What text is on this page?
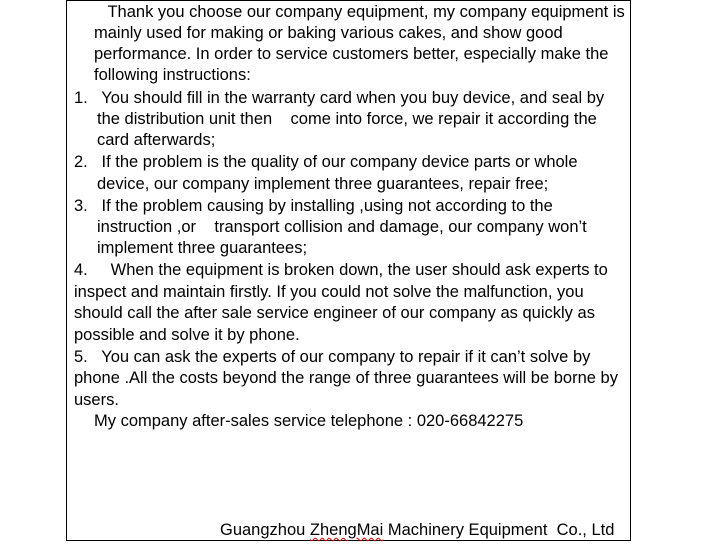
Thank you choose our company equipment, my company equipment is
mainly used for making or baking various cakes, and show good
performance. In order to service customers better, especially make the
following instructions:
1.   You should fill in the warranty card when you buy device, and seal by
the distribution unit then    come into force, we repair it according the
card afterwards;
2.   If the problem is the quality of our company device parts or whole
device, our company implement three guarantees, repair free;
3.   If the problem causing by installing ,using not according to the
instruction ,or    transport collision and damage, our company won’t
implement three guarantees;
4.     When the equipment is broken down, the user should ask experts to
inspect and maintain firstly. If you could not solve the malfunction, you
should call the after sale service engineer of our company as quickly as
possible and solve it by phone.
5.   You can ask the experts of our company to repair if it can’t solve by
phone .All the costs beyond the range of three guarantees will be borne by
users.
My company after-sales service telephone : 020-66842275
Guangzhou ZhengMai Machinery Equipment  Co., Ltd
